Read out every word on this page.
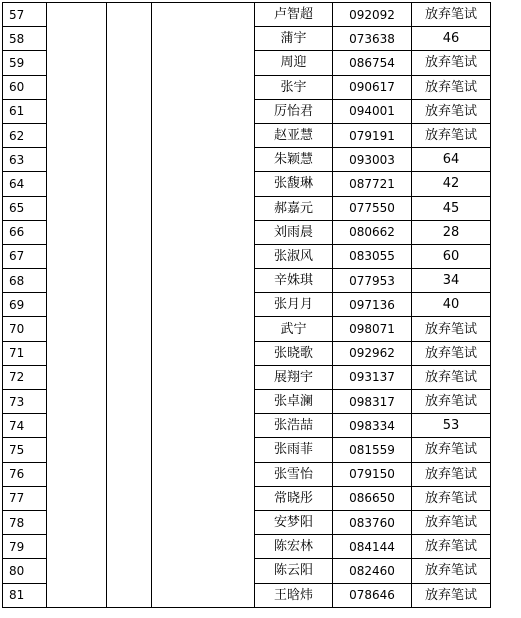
57				卢智超	092092	放弃笔试
58				蒲宇	073638	46
59				周迎	086754	放弃笔试
60				张宇	090617	放弃笔试
61				厉怡君	094001	放弃笔试
62				赵亚慧	079191	放弃笔试
63				朱颖慧	093003	64
64				张馥琳	087721	42
65				郝嘉元	077550	45
66				刘雨晨	080662	28
67				张淑风	083055	60
68				辛姝琪	077953	34
69				张月月	097136	40
70				武宁	098071	放弃笔试
71				张晓歌	092962	放弃笔试
72				展翔宇	093137	放弃笔试
73				张卓澜	098317	放弃笔试
74				张浩喆	098334	53
75				张雨菲	081559	放弃笔试
76				张雪怡	079150	放弃笔试
77				常晓彤	086650	放弃笔试
78				安梦阳	083760	放弃笔试
79				陈宏林	084144	放弃笔试
80				陈云阳	082460	放弃笔试
81				王晗炜	078646	放弃笔试
